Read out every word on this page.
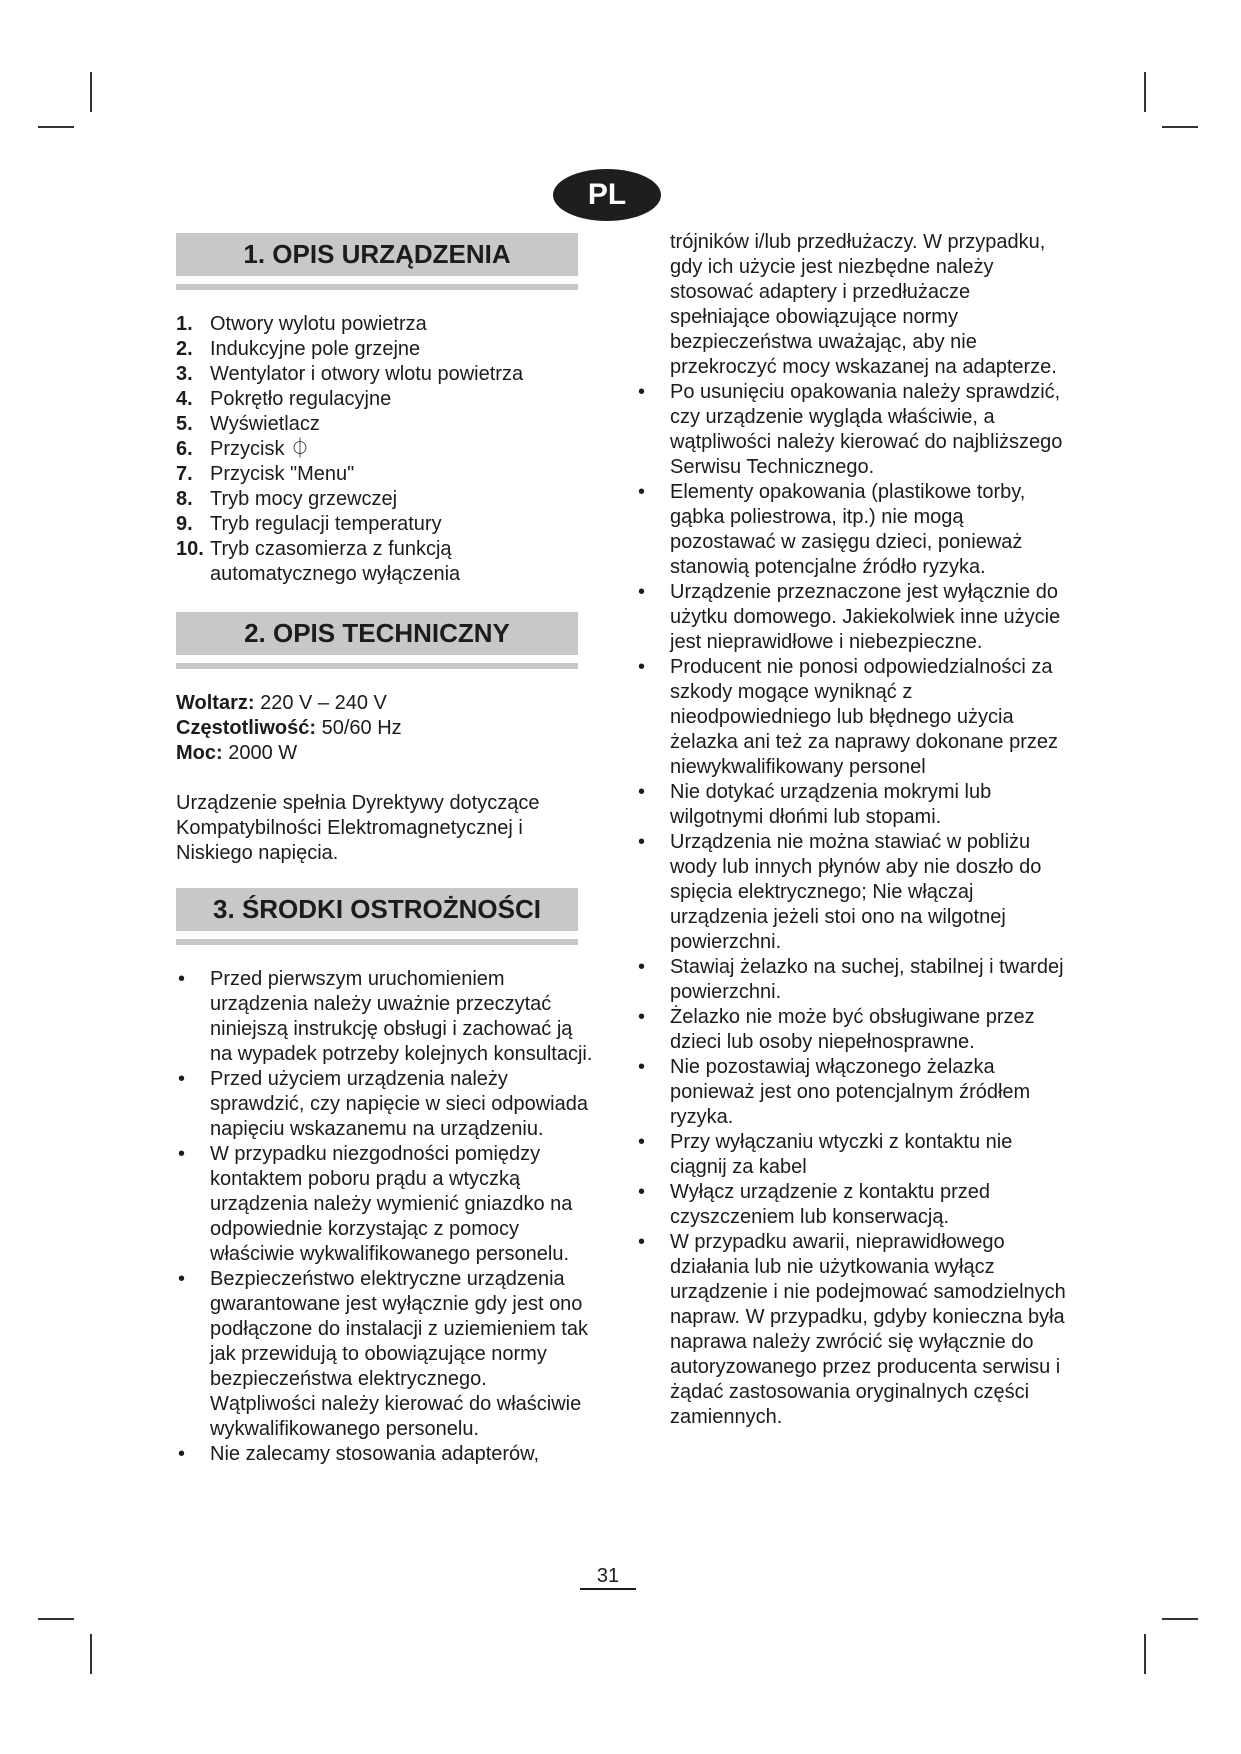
PL
1. OPIS URZĄDZENIA
1. Otwory wylotu powietrza
2. Indukcyjne pole grzejne
3. Wentylator i otwory wlotu powietrza
4. Pokrętło regulacyjne
5. Wyświetlacz
6. Przycisk ⏀
7. Przycisk "Menu"
8. Tryb mocy grzewczej
9. Tryb regulacji temperatury
10. Tryb czasomierza z funkcją automatycznego wyłączenia
2. OPIS TECHNICZNY
Woltarz: 220 V – 240 V
Częstotliwość: 50/60 Hz
Moc: 2000 W
Urządzenie spełnia Dyrektywy dotyczące Kompatybilności Elektromagnetycznej i Niskiego napięcia.
3. ŚRODKI OSTROŻNOŚCI
• Przed pierwszym uruchomieniem urządzenia należy uważnie przeczytać niniejszą instrukcję obsługi i zachować ją na wypadek potrzeby kolejnych konsultacji.
• Przed użyciem urządzenia należy sprawdzić, czy napięcie w sieci odpowiada napięciu wskazanemu na urządzeniu.
• W przypadku niezgodności pomiędzy kontaktem poboru prądu a wtyczką urządzenia należy wymienić gniazdko na odpowiednie korzystając z pomocy właściwie wykwalifikowanego personelu.
• Bezpieczeństwo elektryczne urządzenia gwarantowane jest wyłącznie gdy jest ono podłączone do instalacji z uziemieniem tak jak przewidują to obowiązujące normy bezpieczeństwa elektrycznego. Wątpliwości należy kierować do właściwie wykwalifikowanego personelu.
• Nie zalecamy stosowania adapterów,
trójników i/lub przedłużaczy. W przypadku, gdy ich użycie jest niezbędne należy stosować adaptery i przedłużacze spełniające obowiązujące normy bezpieczeństwa uważając, aby nie przekroczyć mocy wskazanej na adapterze.
• Po usunięciu opakowania należy sprawdzić, czy urządzenie wygląda właściwie, a wątpliwości należy kierować do najbliższego Serwisu Technicznego.
• Elementy opakowania (plastikowe torby, gąbka poliestrowa, itp.) nie mogą pozostawać w zasięgu dzieci, ponieważ stanowią potencjalne źródło ryzyka.
• Urządzenie przeznaczone jest wyłącznie do użytku domowego. Jakiekolwiek inne użycie jest nieprawidłowe i niebezpieczne.
• Producent nie ponosi odpowiedzialności za szkody mogące wyniknąć z nieodpowiedniego lub błędnego użycia żelazka ani też za naprawy dokonane przez niewykwalifikowany personel
• Nie dotykać urządzenia mokrymi lub wilgotnymi dłońmi lub stopami.
• Urządzenia nie można stawiać w pobliżu wody lub innych płynów aby nie doszło do spięcia elektrycznego; Nie włączaj urządzenia jeżeli stoi ono na wilgotnej powierzchni.
• Stawiaj żelazko na suchej, stabilnej i twardej powierzchni.
• Żelazko nie może być obsługiwane przez dzieci lub osoby niepełnosprawne.
• Nie pozostawiaj włączonego żelazka ponieważ jest ono potencjalnym źródłem ryzyka.
• Przy wyłączaniu wtyczki z kontaktu nie ciągnij za kabel
• Wyłącz urządzenie z kontaktu przed czyszczeniem lub konserwacją.
• W przypadku awarii, nieprawidłowego działania lub nie użytkowania wyłącz urządzenie i nie podejmować samodzielnych napraw. W przypadku, gdyby konieczna była naprawa należy zwrócić się wyłącznie do autoryzowanego przez producenta serwisu i żądać zastosowania oryginalnych części zamiennych.
31
